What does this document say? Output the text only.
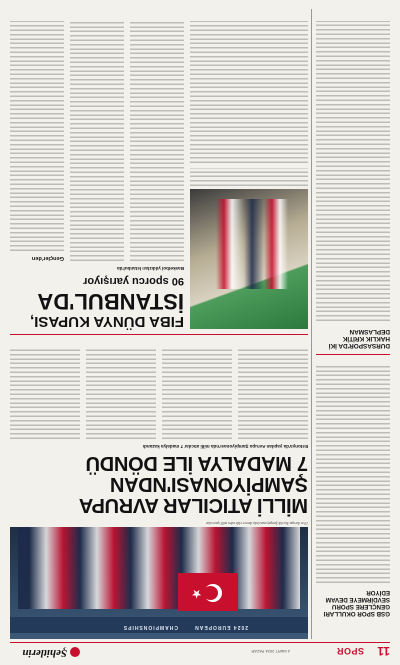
11
SPOR
4 MART 2024 PAZAR
Şehitlerin
GSB SPOR OKULLARI
GENÇLERE SPORU
SEVDİRMEYE DEVAM
EDİYOR
DURSASPOR'DA İKİ
HAKLIK KRİTİK
DEPLASMAN
2024 EUROPEAN
CHAMPIONSHIPS
★
10 m Avrupa Atıcılık Şampiyonası'nda derece elde eden milli sporcular
MİLLİ ATICILAR AVRUPA
ŞAMPİYONASI'NDAN
7 MADALYA İLE DÖNDÜ
Estonya'da yapılan Avrupa Şampiyonası'nda milli atıcılar 7 madalya kazandı
FIBA DÜNYA KUPASI,
İSTANBUL'DA
90 sporcu yarışıyor
Basketbol yıldızları İstanbul'da
Gençler'den
